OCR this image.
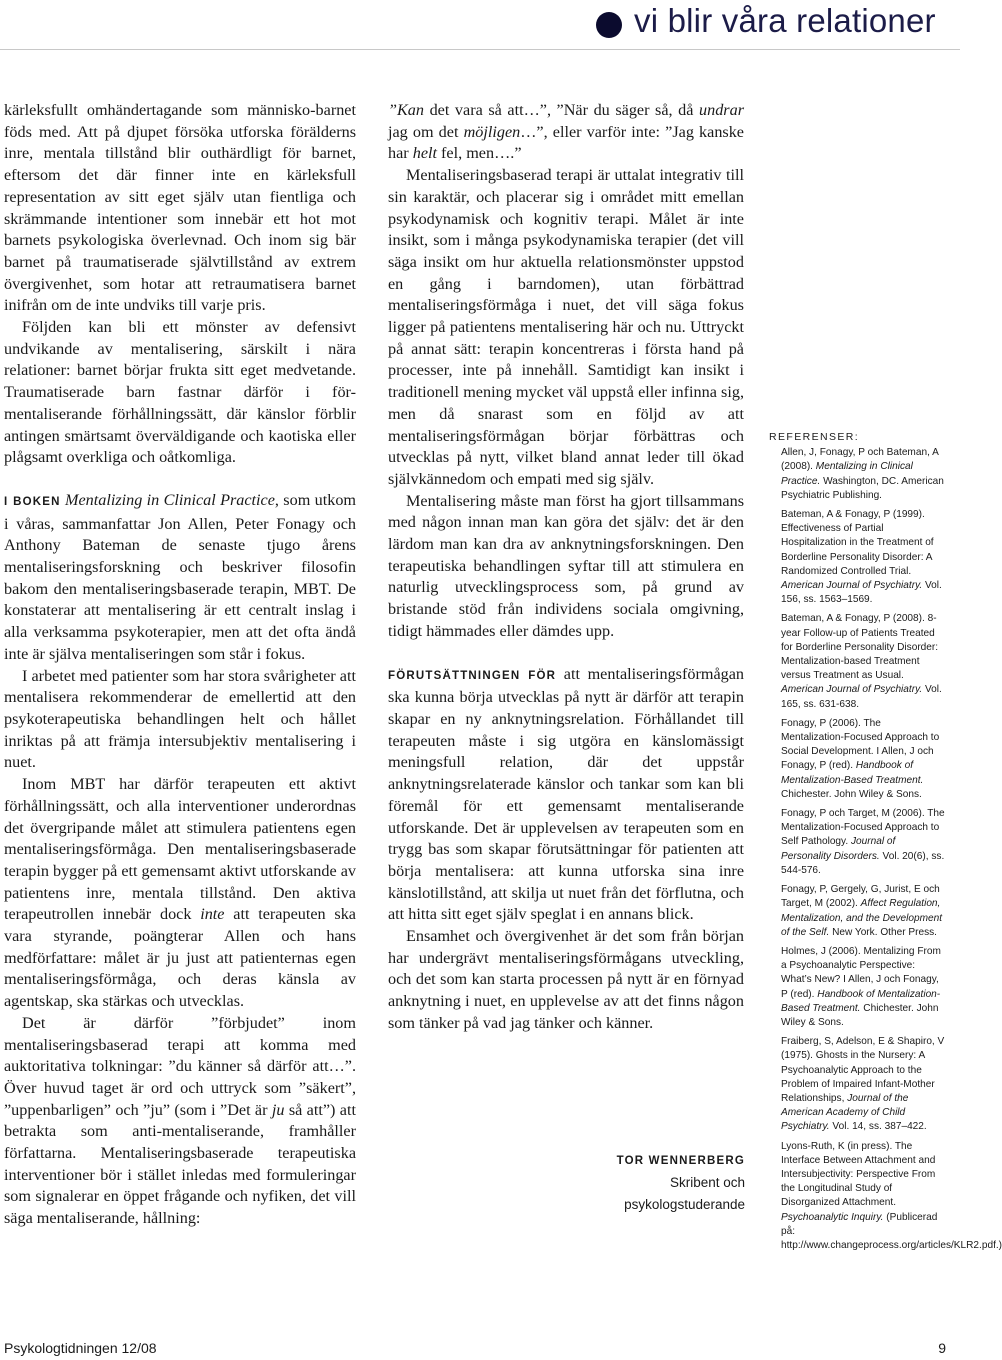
vi blir våra relationer

kärleksfullt omhändertagande som människo-barnet föds med. Att på djupet försöka utforska förälderns inre, mentala tillstånd blir outhärdligt för barnet, eftersom det där finner inte en kärleksfull representation av sitt eget själv utan fientliga och skrämmande intentioner som innebär ett hot mot barnets psykologiska överlevnad. Och inom sig bär barnet på traumatiserade självtillstånd av extrem övergivenhet, som hotar att retraumatisera barnet inifrån om de inte undviks till varje pris.

Följden kan bli ett mönster av defensivt undvikande av mentalisering, särskilt i nära relationer: barnet börjar frukta sitt eget medvetande. Traumatiserade barn fastnar därför i för-mentaliserande förhållningssätt, där känslor förblir antingen smärtsamt överväldigande och kaotiska eller plågsamt overkliga och oåtkomliga.

I BOKEN Mentalizing in Clinical Practice, som utkom i våras, sammanfattar Jon Allen, Peter Fonagy och Anthony Bateman de senaste tjugo årens mentaliseringsforskning och beskriver filosofin bakom den mentaliseringsbaserade terapin, MBT. De konstaterar att mentalisering är ett centralt inslag i alla verksamma psykoterapier, men att det ofta ändå inte är själva mentaliseringen som står i fokus.

I arbetet med patienter som har stora svårigheter att mentalisera rekommenderar de emellertid att den psykoterapeutiska behandlingen helt och hållet inriktas på att främja intersubjektiv mentalisering i nuet.

Inom MBT har därför terapeuten ett aktivt förhållningssätt, och alla interventioner underordnas det övergripande målet att stimulera patientens egen mentaliseringsförmåga. Den mentaliseringsbaserade terapin bygger på ett gemensamt aktivt utforskande av patientens inre, mentala tillstånd. Den aktiva terapeutrollen innebär dock inte att terapeuten ska vara styrande, poängterar Allen och hans medförfattare: målet är ju just att patienternas egen mentaliseringsförmåga, och deras känsla av agentskap, ska stärkas och utvecklas.

Det är därför ”förbjudet” inom mentaliseringsbaserad terapi att komma med auktoritativa tolkningar: ”du känner så därför att…”. Över huvud taget är ord och uttryck som ”säkert”, ”uppenbarligen” och ”ju” (som i ”Det är ju så att”) att betrakta som anti-mentaliserande, framhåller författarna. Mentaliseringsbaserade terapeutiska interventioner bör i stället inledas med formuleringar som signalerar en öppet frågande och nyfiken, det vill säga mentaliserande, hållning:

”Kan det vara så att…”, ”När du säger så, då undrar jag om det möjligen…”, eller varför inte: ”Jag kanske har helt fel, men….”

Mentaliseringsbaserad terapi är uttalat integrativ till sin karaktär, och placerar sig i området mitt emellan psykodynamisk och kognitiv terapi. Målet är inte insikt, som i många psykodynamiska terapier (det vill säga insikt om hur aktuella relationsmönster uppstod en gång i barndomen), utan förbättrad mentaliseringsförmåga i nuet, det vill säga fokus ligger på patientens mentalisering här och nu. Uttryckt på annat sätt: terapin koncentreras i första hand på processer, inte på innehåll. Samtidigt kan insikt i traditionell mening mycket väl uppstå eller infinna sig, men då snarast som en följd av att mentaliseringsförmågan börjar förbättras och utvecklas på nytt, vilket bland annat leder till ökad självkännedom och empati med sig själv.

Mentalisering måste man först ha gjort tillsammans med någon innan man kan göra det själv: det är den lärdom man kan dra av anknytningsforskningen. Den terapeutiska behandlingen syftar till att stimulera en naturlig utvecklingsprocess som, på grund av bristande stöd från individens sociala omgivning, tidigt hämmades eller dämdes upp.

FÖRUTSÄTTNINGEN FÖR att mentaliseringsförmågan ska kunna börja utvecklas på nytt är därför att terapin skapar en ny anknytningsrelation. Förhållandet till terapeuten måste i sig utgöra en känslomässigt meningsfull relation, där det uppstår anknytningsrelaterade känslor och tankar som kan bli föremål för ett gemensamt mentaliserande utforskande. Det är upplevelsen av terapeuten som en trygg bas som skapar förutsättningar för patienten att börja mentalisera: att kunna utforska sina inre känslotillstånd, att skilja ut nuet från det förflutna, och att hitta sitt eget själv speglat i en annans blick.

Ensamhet och övergivenhet är det som från början har undergrävt mentaliseringsförmågans utveckling, och det som kan starta processen på nytt är en förnyad anknytning i nuet, en upplevelse av att det finns någon som tänker på vad jag tänker och känner.

TOR WENNERBERG
Skribent och
psykologstuderande
REFERENSER:
Allen, J, Fonagy, P och Bateman, A (2008). Mentalizing in Clinical Practice. Washington, DC. American Psychiatric Publishing.
Bateman, A & Fonagy, P (1999). Effectiveness of Partial Hospitalization in the Treatment of Borderline Personality Disorder: A Randomized Controlled Trial. American Journal of Psychiatry. Vol. 156, ss. 1563–1569.
Bateman, A & Fonagy, P (2008). 8-year Follow-up of Patients Treated for Borderline Personality Disorder: Mentalization-based Treatment versus Treatment as Usual. American Journal of Psychiatry. Vol. 165, ss. 631-638.
Fonagy, P (2006). The Mentalization-Focused Approach to Social Development. I Allen, J och Fonagy, P (red). Handbook of Mentalization-Based Treatment. Chichester. John Wiley & Sons.
Fonagy, P och Target, M (2006). The Mentalization-Focused Approach to Self Pathology. Journal of Personality Disorders. Vol. 20(6), ss. 544-576.
Fonagy, P, Gergely, G, Jurist, E och Target, M (2002). Affect Regulation, Mentalization, and the Development of the Self. New York. Other Press.
Holmes, J (2006). Mentalizing From a Psychoanalytic Perspective: What’s New? I Allen, J och Fonagy, P (red). Handbook of Mentalization-Based Treatment. Chichester. John Wiley & Sons.
Fraiberg, S, Adelson, E & Shapiro, V (1975). Ghosts in the Nursery: A Psychoanalytic Approach to the Problem of Impaired Infant-Mother Relationships, Journal of the American Academy of Child Psychiatry. Vol. 14, ss. 387–422.
Lyons-Ruth, K (in press). The Interface Between Attachment and Intersubjectivity: Perspective From the Longitudinal Study of Disorganized Attachment. Psychoanalytic Inquiry. (Publicerad på: http://www.changeprocess.org/articles/KLR2.pdf.)
Psykologtidningen 12/08	9
